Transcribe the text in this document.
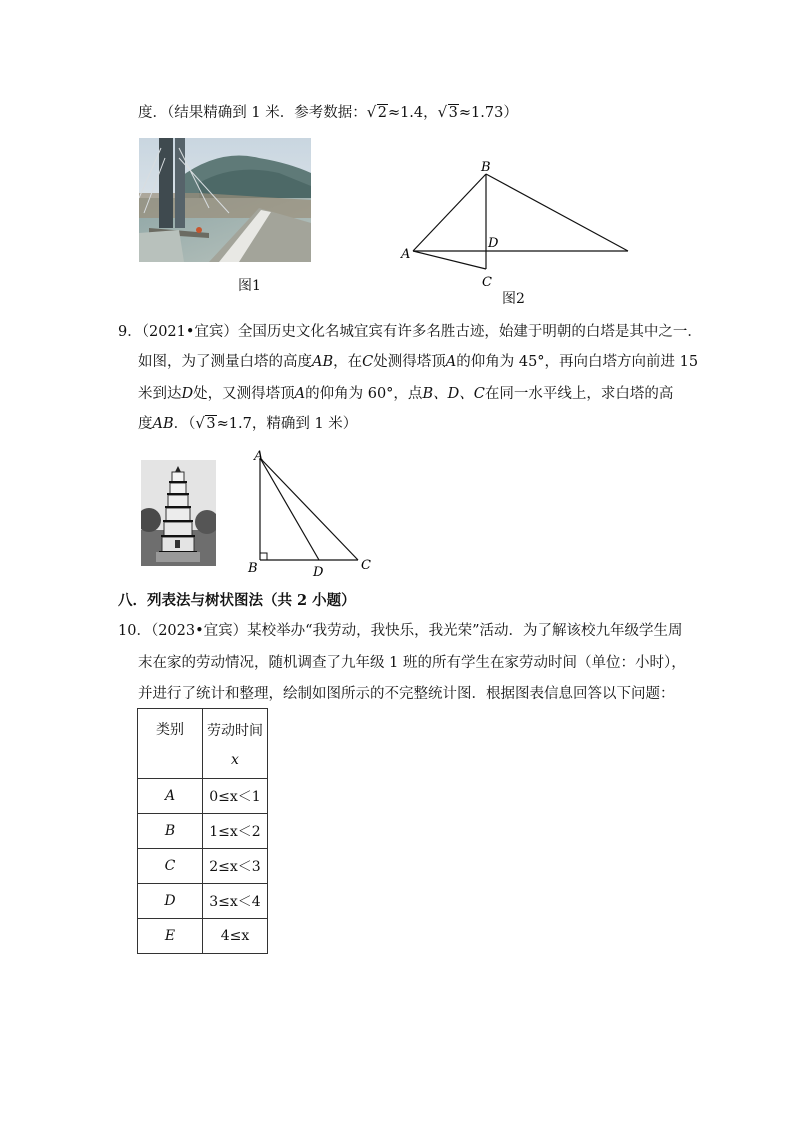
度．（结果精确到 1 米．参考数据： √ 2≈1.4， √ 3≈1.73）
图1
B
A
D
C
图2
9．（2021•宜宾）全国历史文化名城宜宾有许多名胜古迹，始建于明朝的白塔是其中之一．
如图，为了测量白塔的高度AB，在C处测得塔顶A的仰角为 45°，再向白塔方向前进 15
米到达D处，又测得塔顶A的仰角为 60°，点B、D、C在同一水平线上，求白塔的高
度AB．（ √ 3≈1.7，精确到 1 米）
A
B	D	C
八．列表法与树状图法（共 2 小题）
10．（2023•宜宾）某校举办“我劳动，我快乐，我光荣”活动．为了解该校九年级学生周
末在家的劳动情况，随机调查了九年级 1 班的所有学生在家劳动时间（单位：小时），
并进行了统计和整理，绘制如图所示的不完整统计图．根据图表信息回答以下问题：
类别	劳动时间
x

A	0≤x＜1
B	1≤x＜2
C	2≤x＜3
D	3≤x＜4
E	4≤x
